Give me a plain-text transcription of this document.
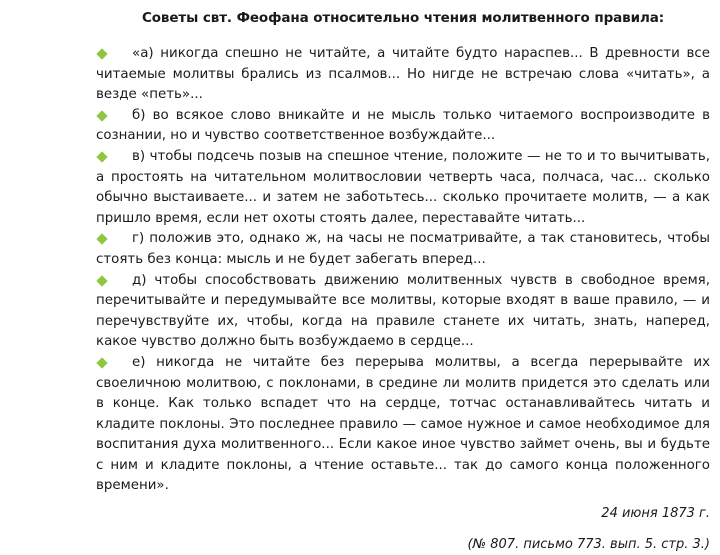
Советы свт. Феофана относительно чтения молитвенного правила:
«а) никогда спешно не читайте, а читайте будто нараспев... В древности все читаемые молитвы брались из псалмов... Но нигде не встречаю слова «читать», а везде «петь»...
б) во всякое слово вникайте и не мысль только читаемого воспроизводите в сознании, но и чувство соответственное возбуждайте...
в) чтобы подсечь позыв на спешное чтение, положите — не то и то вычитывать, а простоять на читательном молитвословии четверть часа, полчаса, час... сколько обычно выстаиваете... и затем не заботьтесь... сколько прочитаете молитв, — а как пришло время, если нет охоты стоять далее, переставайте читать...
г) положив это, однако ж, на часы не посматривайте, а так становитесь, чтобы стоять без конца: мысль и не будет забегать вперед...
д) чтобы способствовать движению молитвенных чувств в свободное время, перечитывайте и передумывайте все молитвы, которые входят в ваше правило, — и перечувствуйте их, чтобы, когда на правиле станете их читать, знать, наперед, какое чувство должно быть возбуждаемо в сердце...
е) никогда не читайте без перерыва молитвы, а всегда перерывайте их своеличною молитвою, с поклонами, в средине ли молитв придется это сделать или в конце. Как только вспадет что на сердце, тотчас останавливайтесь читать и кладите поклоны. Это последнее правило — самое нужное и самое необходимое для воспитания духа молитвенного... Если какое иное чувство займет очень, вы и будьте с ним и кладите поклоны, а чтение оставьте... так до самого конца положенного времени».
24 июня 1873 г.
(№ 807. письмо 773. вып. 5. стр. 3.)
